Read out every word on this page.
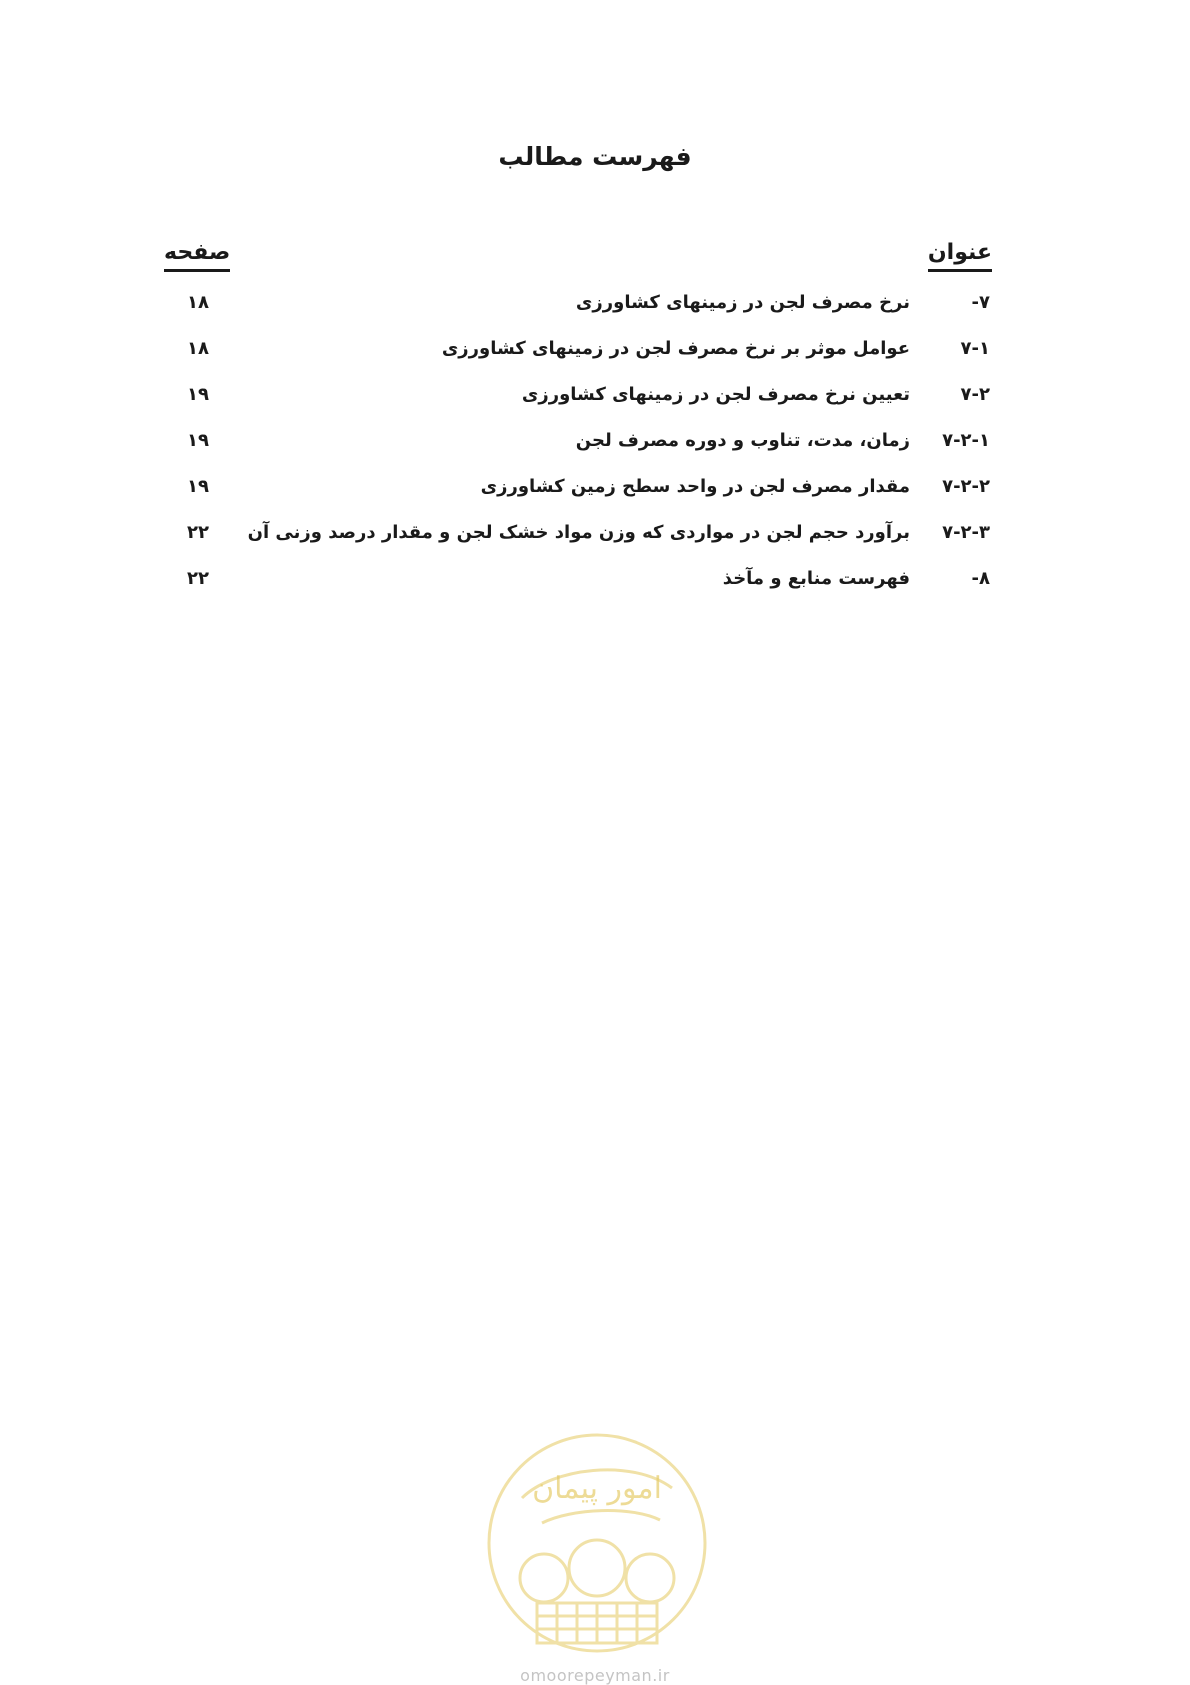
فهرست مطالب
عنوان
صفحه
۷-
نرخ مصرف لجن در زمینهای کشاورزی
۱۸
۷-۱
عوامل موثر بر نرخ مصرف لجن در زمینهای کشاورزی
۱۸
۷-۲
تعیین نرخ مصرف لجن در زمینهای کشاورزی
۱۹
۷-۲-۱
زمان، مدت، تناوب و دوره مصرف لجن
۱۹
۷-۲-۲
مقدار مصرف لجن در واحد سطح زمین کشاورزی
۱۹
۷-۲-۳
برآورد حجم لجن در مواردی که وزن مواد خشک لجن و مقدار درصد وزنی آن
۲۲
۸-
فهرست منابع و مآخذ
۲۲
امور پیمان
omoorepeyman.ir
